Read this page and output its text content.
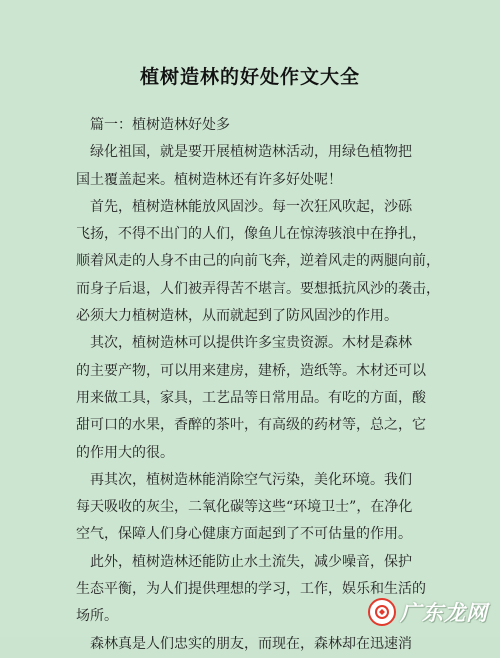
植树造林的好处作文大全
　篇一：植树造林好处多
　绿化祖国，就是要开展植树造林活动，用绿色植物把
国土覆盖起来。植树造林还有许多好处呢！
　首先，植树造林能放风固沙。每一次狂风吹起，沙砾
飞扬，不得不出门的人们，像鱼儿在惊涛骇浪中在挣扎，
顺着风走的人身不由己的向前飞奔，逆着风走的两腿向前，
而身子后退，人们被弄得苦不堪言。要想抵抗风沙的袭击，
必须大力植树造林，从而就起到了防风固沙的作用。
　其次，植树造林可以提供许多宝贵资源。木材是森林
的主要产物，可以用来建房，建桥，造纸等。木材还可以
用来做工具，家具，工艺品等日常用品。有吃的方面，酸
甜可口的水果，香醉的茶叶，有高级的药材等，总之，它
的作用大的很。
　再其次，植树造林能消除空气污染，美化环境。我们
每天吸收的灰尘，二氧化碳等这些“环境卫士”，在净化
空气，保障人们身心健康方面起到了不可估量的作用。
　此外，植树造林还能防止水土流失，减少噪音，保护
生态平衡，为人们提供理想的学习，工作，娱乐和生活的
场所。
　森林真是人们忠实的朋友，而现在，森林却在迅速消
广东龙网
